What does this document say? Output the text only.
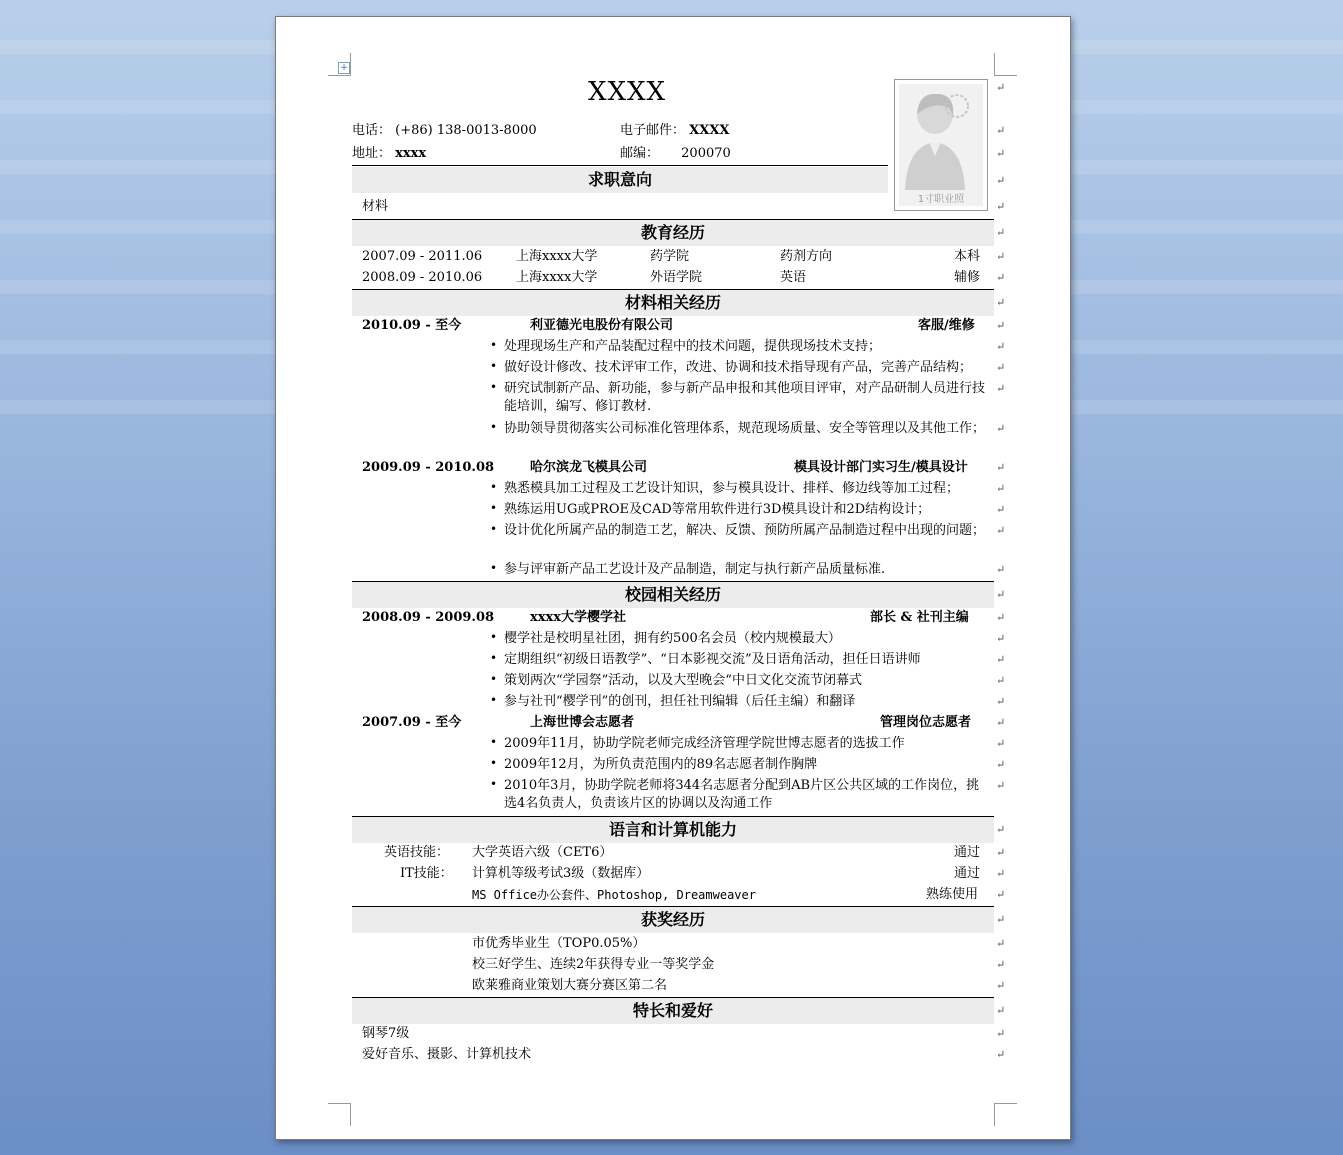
+
XXXX
电话： (+86) 138-0013-8000	电子邮件： XXXX
地址： xxxx	邮编： 200070
1寸职业照
求职意向
材料
教育经历
2007.09 - 2011.06	上海xxxx大学	药学院	药剂方向	本科
2008.09 - 2010.06	上海xxxx大学	外语学院	英语	辅修
材料相关经历
2010.09 - 至今	利亚德光电股份有限公司	客服/维修
• 处理现场生产和产品装配过程中的技术问题，提供现场技术支持；
• 做好设计修改、技术评审工作，改进、协调和技术指导现有产品，完善产品结构；
• 研究试制新产品、新功能，参与新产品申报和其他项目评审，对产品研制人员进行技能培训，编写、修订教材.
• 协助领导贯彻落实公司标准化管理体系，规范现场质量、安全等管理以及其他工作；
2009.09 - 2010.08	哈尔滨龙飞模具公司	模具设计部门实习生/模具设计
• 熟悉模具加工过程及工艺设计知识，参与模具设计、排样、修边线等加工过程；
• 熟练运用UG或PROE及CAD等常用软件进行3D模具设计和2D结构设计；
• 设计优化所属产品的制造工艺，解决、反馈、预防所属产品制造过程中出现的问题；
• 参与评审新产品工艺设计及产品制造，制定与执行新产品质量标准.
校园相关经历
2008.09 - 2009.08	xxxx大学樱学社	部长 & 社刊主编
• 樱学社是校明星社团，拥有约500名会员（校内规模最大）
• 定期组织“初级日语教学”、“日本影视交流”及日语角活动，担任日语讲师
• 策划两次“学园祭”活动，以及大型晚会“中日文化交流节闭幕式
• 参与社刊“樱学刊”的创刊，担任社刊编辑（后任主编）和翻译
2007.09 - 至今	上海世博会志愿者	管理岗位志愿者
• 2009年11月，协助学院老师完成经济管理学院世博志愿者的选拔工作
• 2009年12月，为所负责范围内的89名志愿者制作胸牌
• 2010年3月，协助学院老师将344名志愿者分配到AB片区公共区域的工作岗位，挑选4名负责人，负责该片区的协调以及沟通工作
语言和计算机能力
英语技能： 大学英语六级（CET6）	通过
IT技能： 计算机等级考试3级（数据库）	通过
MS Office办公套件、Photoshop, Dreamweaver	熟练使用
获奖经历
市优秀毕业生（TOP0.05%）
校三好学生、连续2年获得专业一等奖学金
欧莱雅商业策划大赛分赛区第二名
特长和爱好
钢琴7级
爱好音乐、摄影、计算机技术
↵
↵
↵
↵
↵
↵
↵
↵
↵
↵
↵
↵
↵
↵
↵
↵
↵
↵
↵
↵
↵
↵
↵
↵
↵
↵
↵
↵
↵
↵
↵
↵
↵
↵
↵
↵
↵
↵
↵
↵
